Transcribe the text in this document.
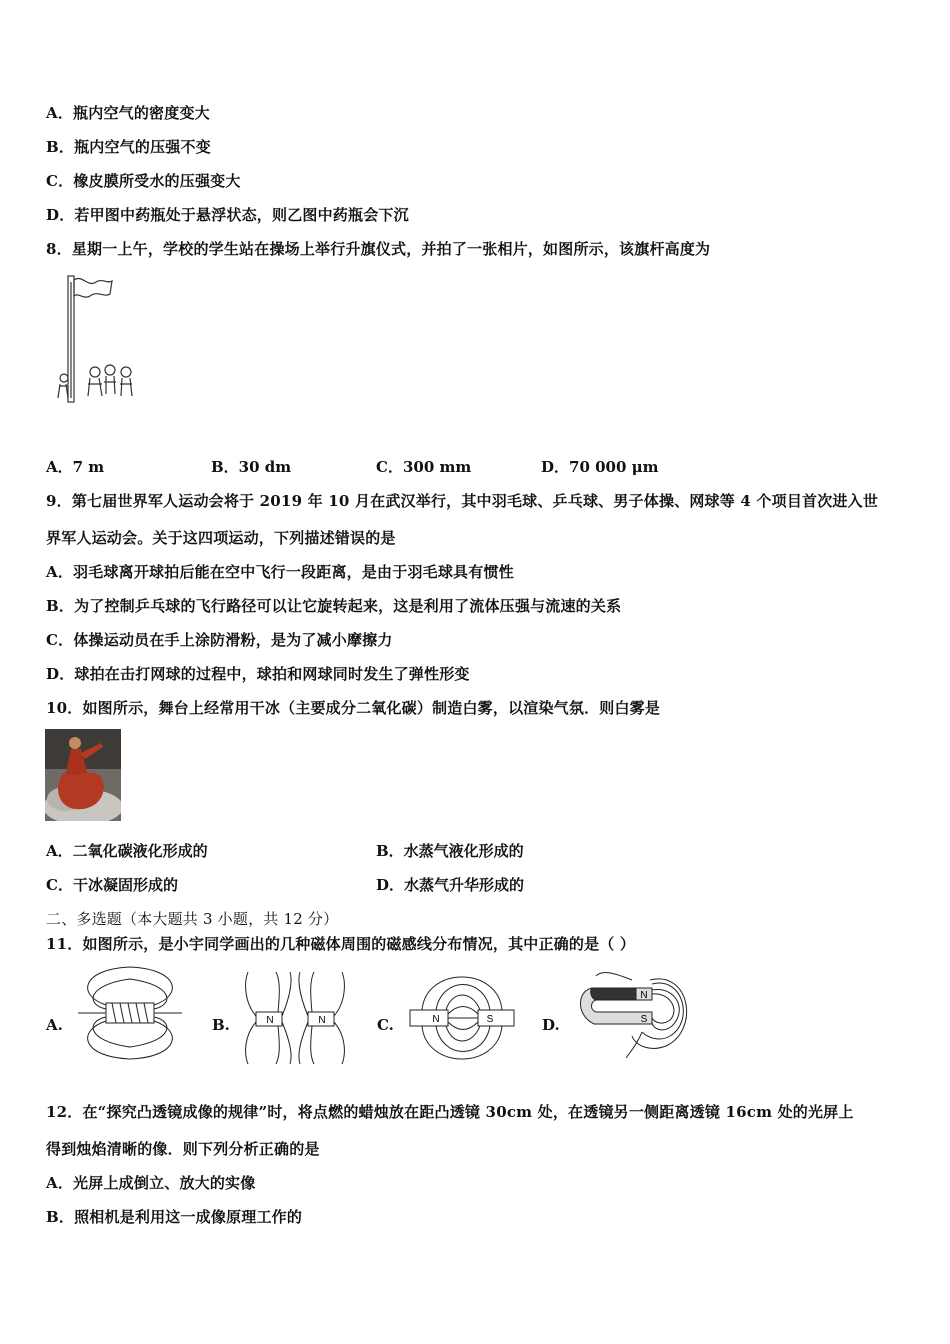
A．瓶内空气的密度变大
B．瓶内空气的压强不变
C．橡皮膜所受水的压强变大
D．若甲图中药瓶处于悬浮状态，则乙图中药瓶会下沉
8．星期一上午，学校的学生站在操场上举行升旗仪式，并拍了一张相片，如图所示，该旗杆高度为
A．7 m	B．30 dm	C．300 mm	D．70 000 μm
9．第七届世界军人运动会将于 2019 年 10 月在武汉举行，其中羽毛球、乒乓球、男子体操、网球等 4 个项目首次进入世
界军人运动会。关于这四项运动，下列描述错误的是
A．羽毛球离开球拍后能在空中飞行一段距离，是由于羽毛球具有惯性
B．为了控制乒乓球的飞行路径可以让它旋转起来，这是利用了流体压强与流速的关系
C．体操运动员在手上涂防滑粉，是为了减小摩擦力
D．球拍在击打网球的过程中，球拍和网球同时发生了弹性形变
10．如图所示，舞台上经常用干冰（主要成分二氧化碳）制造白雾，以渲染气氛．则白雾是
A．二氧化碳液化形成的	B．水蒸气液化形成的
C．干冰凝固形成的	D．水蒸气升华形成的
二、多选题（本大题共 3 小题，共 12 分）
11．如图所示，是小宇同学画出的几种磁体周围的磁感线分布情况，其中正确的是（ ）
A.	B.	N	N	C.	N	S	D.
N
S
12．在“探究凸透镜成像的规律”时，将点燃的蜡烛放在距凸透镜 30cm 处，在透镜另一侧距离透镜 16cm 处的光屏上
得到烛焰清晰的像．则下列分析正确的是
A．光屏上成倒立、放大的实像
B．照相机是利用这一成像原理工作的
